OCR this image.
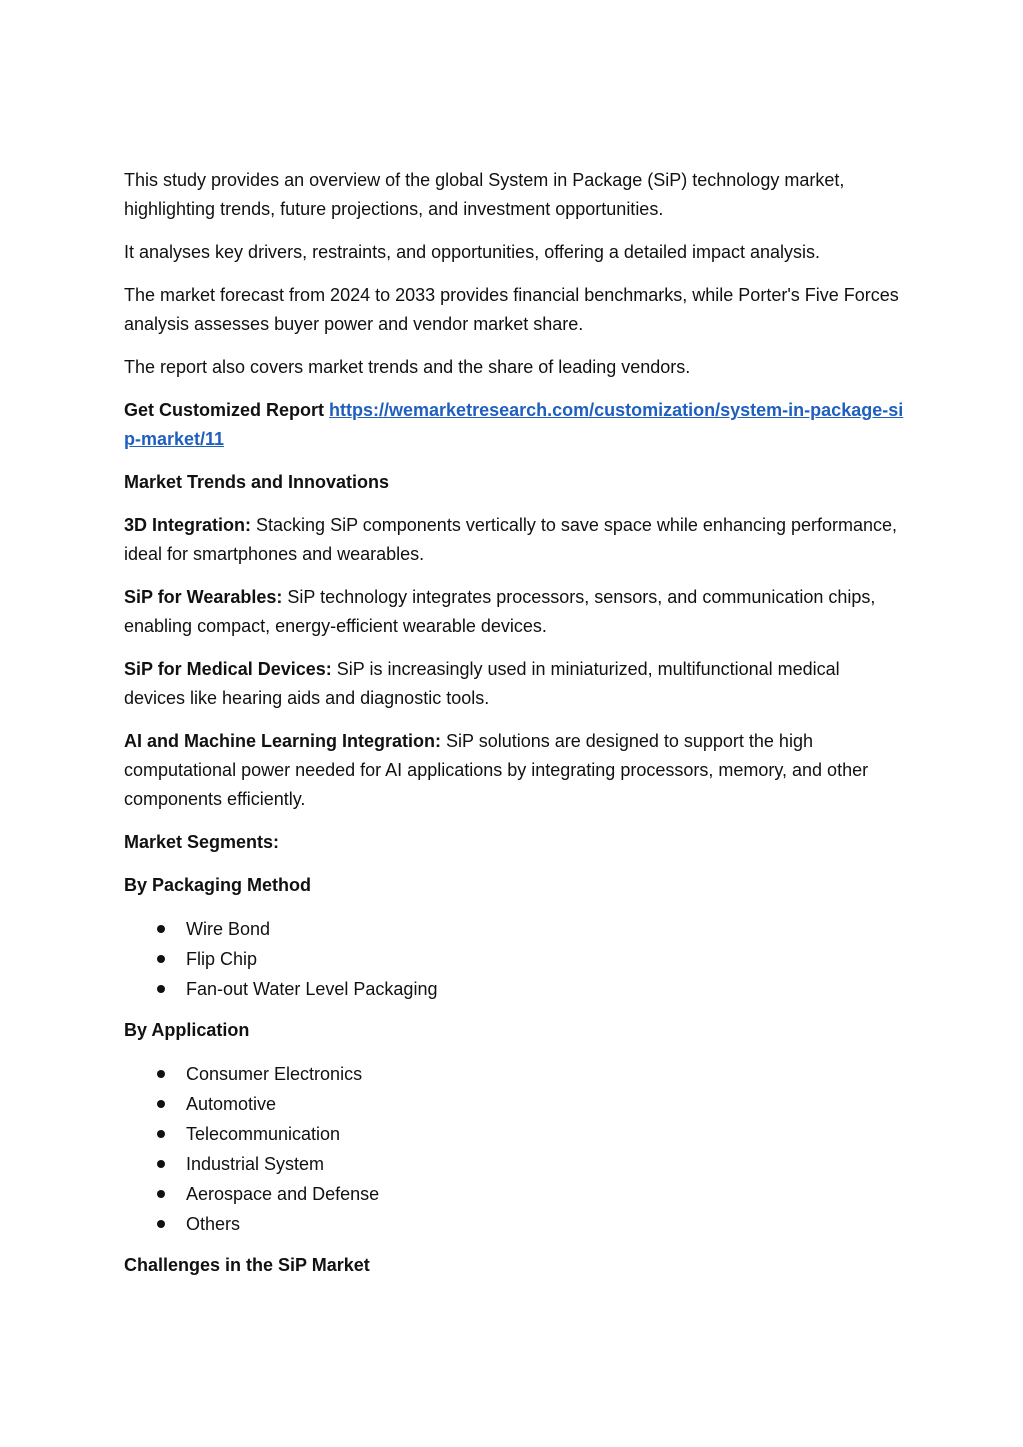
This study provides an overview of the global System in Package (SiP) technology market, highlighting trends, future projections, and investment opportunities.

It analyses key drivers, restraints, and opportunities, offering a detailed impact analysis.

The market forecast from 2024 to 2033 provides financial benchmarks, while Porter's Five Forces analysis assesses buyer power and vendor market share.

The report also covers market trends and the share of leading vendors.

Get Customized Report https://wemarketresearch.com/customization/system-in-package-sip-market/11

Market Trends and Innovations

3D Integration: Stacking SiP components vertically to save space while enhancing performance, ideal for smartphones and wearables.

SiP for Wearables: SiP technology integrates processors, sensors, and communication chips, enabling compact, energy-efficient wearable devices.

SiP for Medical Devices: SiP is increasingly used in miniaturized, multifunctional medical devices like hearing aids and diagnostic tools.

AI and Machine Learning Integration: SiP solutions are designed to support the high computational power needed for AI applications by integrating processors, memory, and other components efficiently.

Market Segments:

By Packaging Method

Wire Bond
Flip Chip
Fan-out Water Level Packaging

By Application

Consumer Electronics
Automotive
Telecommunication
Industrial System
Aerospace and Defense
Others

Challenges in the SiP Market
